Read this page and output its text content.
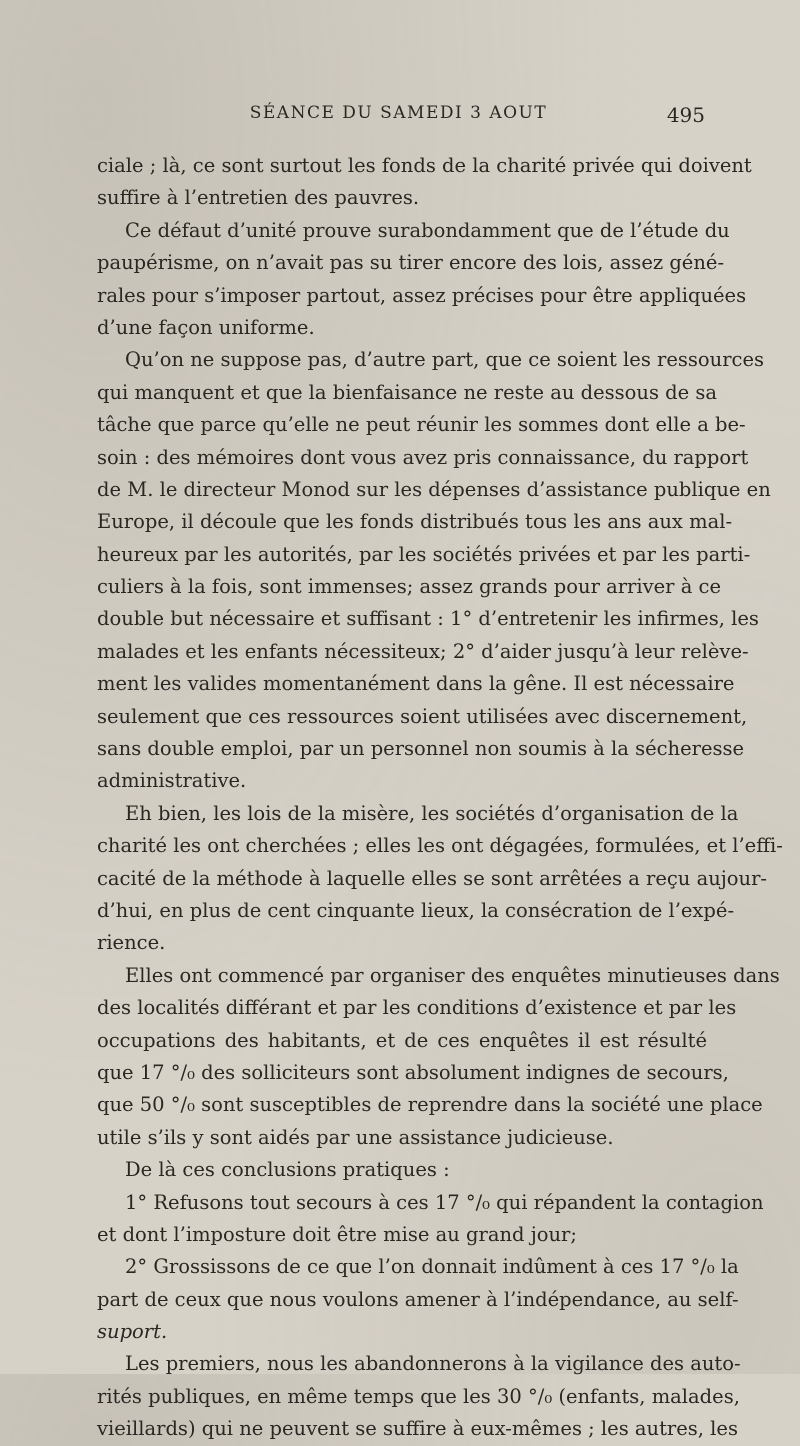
SÉANCE DU SAMEDI 3 AOUT	495
ciale ; là, ce sont surtout les fonds de la charité privée qui doivent
suffire à l’entretien des pauvres.
Ce défaut d’unité prouve surabondamment que de l’étude du
paupérisme, on n’avait pas su tirer encore des lois, assez géné-
rales pour s’imposer partout, assez précises pour être appliquées
d’une façon uniforme.
Qu’on ne suppose pas, d’autre part, que ce soient les ressources
qui manquent et que la bienfaisance ne reste au dessous de sa
tâche que parce qu’elle ne peut réunir les sommes dont elle a be-
soin : des mémoires dont vous avez pris connaissance, du rapport
de M. le directeur Monod sur les dépenses d’assistance publique en
Europe, il découle que les fonds distribués tous les ans aux mal-
heureux par les autorités, par les sociétés privées et par les parti-
culiers à la fois, sont immenses; assez grands pour arriver à ce
double but nécessaire et suffisant : 1° d’entretenir les infirmes, les
malades et les enfants nécessiteux; 2° d’aider jusqu’à leur relève-
ment les valides momentanément dans la gêne. Il est nécessaire
seulement que ces ressources soient utilisées avec discernement,
sans double emploi, par un personnel non soumis à la sécheresse
administrative.
Eh bien, les lois de la misère, les sociétés d’organisation de la
charité les ont cherchées ; elles les ont dégagées, formulées, et l’effi-
cacité de la méthode à laquelle elles se sont arrêtées a reçu aujour-
d’hui, en plus de cent cinquante lieux, la consécration de l’expé-
rience.
Elles ont commencé par organiser des enquêtes minutieuses dans
des localités différant et par les conditions d’existence et par les
occupations des habitants, et de ces enquêtes il est résulté
que 17 °/₀ des solliciteurs sont absolument indignes de secours,
que 50 °/₀ sont susceptibles de reprendre dans la société une place
utile s’ils y sont aidés par une assistance judicieuse.
De là ces conclusions pratiques :
1° Refusons tout secours à ces 17 °/₀ qui répandent la contagion
et dont l’imposture doit être mise au grand jour;
2° Grossissons de ce que l’on donnait indûment à ces 17 °/₀ la
part de ceux que nous voulons amener à l’indépendance, au self-
suport.
Les premiers, nous les abandonnerons à la vigilance des auto-
rités publiques, en même temps que les 30 °/₀ (enfants, malades,
vieillards) qui ne peuvent se suffire à eux-mêmes ; les autres, les
